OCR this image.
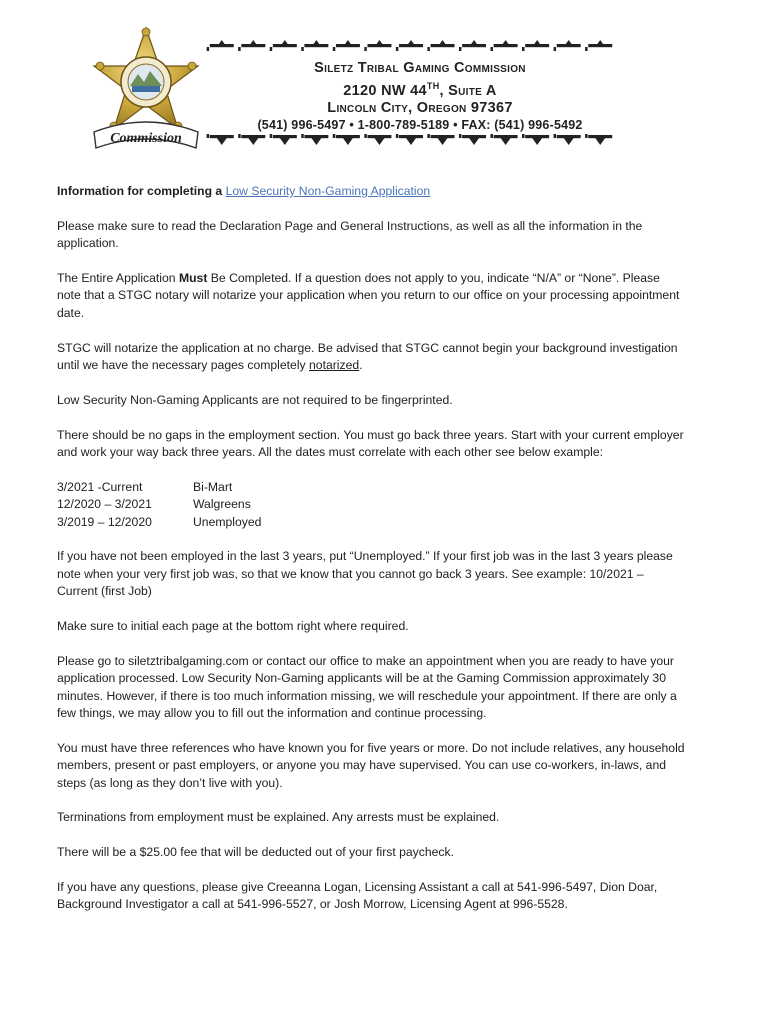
Commission
Siletz Tribal Gaming Commission
2120 NW 44TH, Suite A
Lincoln City, Oregon 97367
(541) 996-5497 • 1-800-789-5189 • FAX: (541) 996-5492

Information for completing a Low Security Non-Gaming Application

Please make sure to read the Declaration Page and General Instructions, as well as all the information in the application.

The Entire Application Must Be Completed. If a question does not apply to you, indicate “N/A” or “None”. Please note that a STGC notary will notarize your application when you return to our office on your processing appointment date.

STGC will notarize the application at no charge. Be advised that STGC cannot begin your background investigation until we have the necessary pages completely notarized.

Low Security Non-Gaming Applicants are not required to be fingerprinted.

There should be no gaps in the employment section. You must go back three years. Start with your current employer and work your way back three years. All the dates must correlate with each other see below example:

3/2021 -Current	Bi-Mart
12/2020 – 3/2021	Walgreens
3/2019 – 12/2020	Unemployed

If you have not been employed in the last 3 years, put “Unemployed.” If your first job was in the last 3 years please note when your very first job was, so that we know that you cannot go back 3 years. See example: 10/2021 – Current (first Job)

Make sure to initial each page at the bottom right where required.

Please go to siletztribalgaming.com or contact our office to make an appointment when you are ready to have your application processed. Low Security Non-Gaming applicants will be at the Gaming Commission approximately 30 minutes. However, if there is too much information missing, we will reschedule your appointment. If there are only a few things, we may allow you to fill out the information and continue processing.

You must have three references who have known you for five years or more. Do not include relatives, any household members, present or past employers, or anyone you may have supervised. You can use co-workers, in-laws, and steps (as long as they don’t live with you).

Terminations from employment must be explained. Any arrests must be explained.

There will be a $25.00 fee that will be deducted out of your first paycheck.

If you have any questions, please give Creeanna Logan, Licensing Assistant a call at 541-996-5497, Dion Doar, Background Investigator a call at 541-996-5527, or Josh Morrow, Licensing Agent at 996-5528.
